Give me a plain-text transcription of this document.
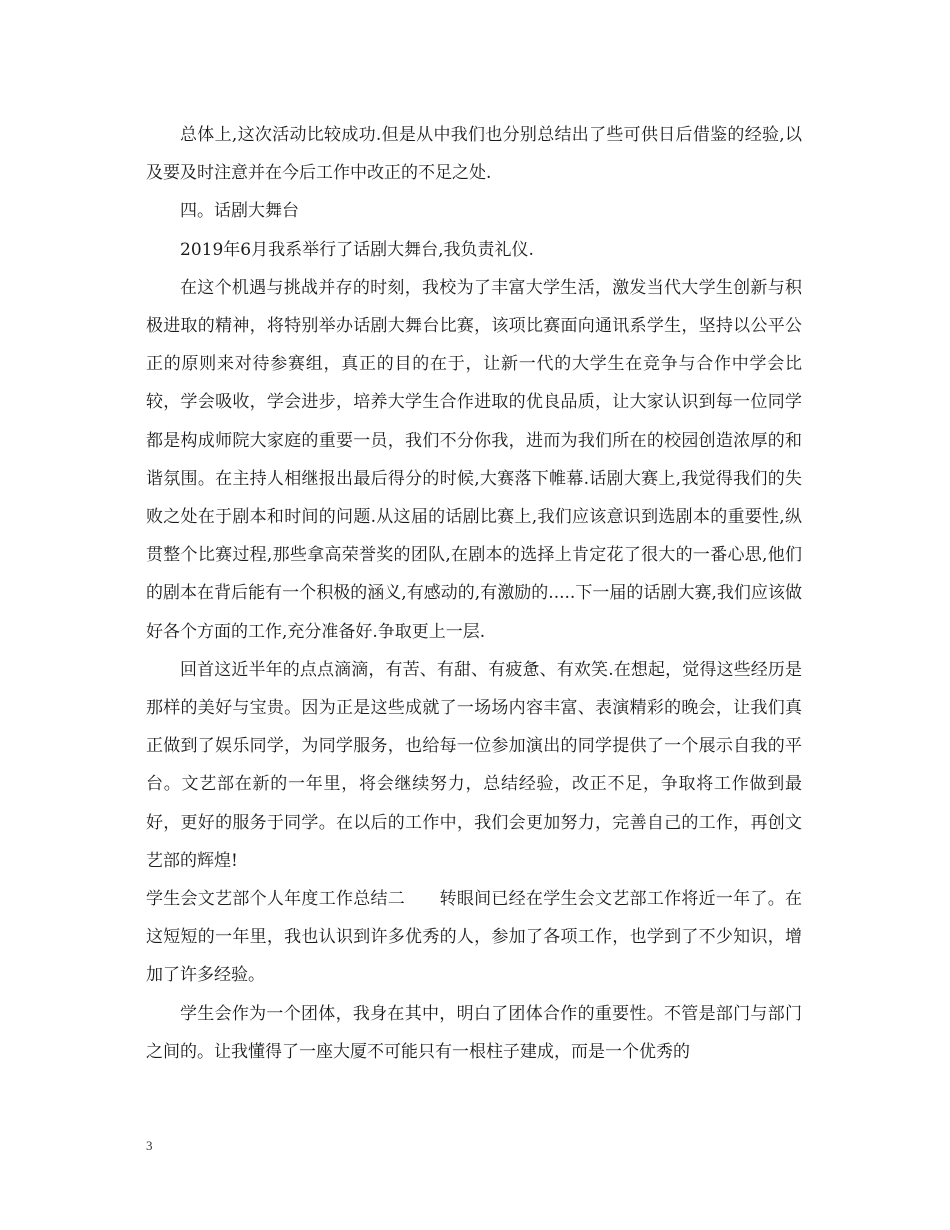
总体上,这次活动比较成功.但是从中我们也分别总结出了些可供日后借鉴的经验,以及要及时注意并在今后工作中改正的不足之处.

四。话剧大舞台

2019年6月我系举行了话剧大舞台,我负责礼仪.

在这个机遇与挑战并存的时刻，我校为了丰富大学生活，激发当代大学生创新与积极进取的精神，将特别举办话剧大舞台比赛，该项比赛面向通讯系学生，坚持以公平公正的原则来对待参赛组，真正的目的在于，让新一代的大学生在竞争与合作中学会比较，学会吸收，学会进步，培养大学生合作进取的优良品质，让大家认识到每一位同学都是构成师院大家庭的重要一员，我们不分你我，进而为我们所在的校园创造浓厚的和谐氛围。在主持人相继报出最后得分的时候,大赛落下帷幕.话剧大赛上,我觉得我们的失败之处在于剧本和时间的问题.从这届的话剧比赛上,我们应该意识到选剧本的重要性,纵贯整个比赛过程,那些拿高荣誉奖的团队,在剧本的选择上肯定花了很大的一番心思,他们的剧本在背后能有一个积极的涵义,有感动的,有激励的.....下一届的话剧大赛,我们应该做好各个方面的工作,充分准备好.争取更上一层.

回首这近半年的点点滴滴，有苦、有甜、有疲惫、有欢笑.在想起，觉得这些经历是那样的美好与宝贵。因为正是这些成就了一场场内容丰富、表演精彩的晚会，让我们真正做到了娱乐同学，为同学服务，也给每一位参加演出的同学提供了一个展示自我的平台。文艺部在新的一年里，将会继续努力，总结经验，改正不足，争取将工作做到最好，更好的服务于同学。在以后的工作中，我们会更加努力，完善自己的工作，再创文艺部的辉煌!

学生会文艺部个人年度工作总结二　　转眼间已经在学生会文艺部工作将近一年了。在这短短的一年里，我也认识到许多优秀的人，参加了各项工作，也学到了不少知识，增加了许多经验。

学生会作为一个团体，我身在其中，明白了团体合作的重要性。不管是部门与部门之间的。让我懂得了一座大厦不可能只有一根柱子建成，而是一个优秀的

3
